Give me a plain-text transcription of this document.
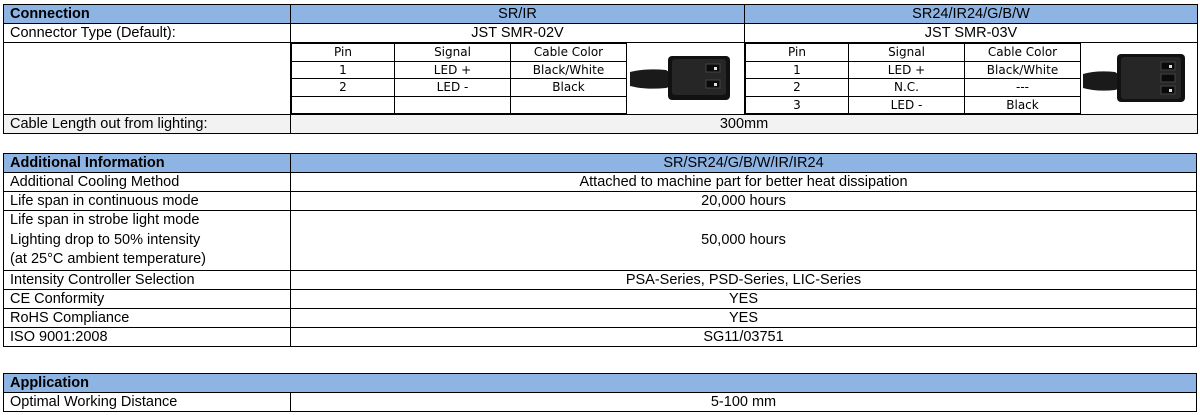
Connection	SR/IR	SR24/IR24/G/B/W
Connector Type (Default):	JST SMR-02V	JST SMR-03V

Pin	Signal	Cable Color	
1	LED +	Black/White
2	LED -	Black

Pin	Signal	Cable Color	
1	LED +	Black/White
2	N.C.	---
3	LED -	Black

Cable Length out from lighting:	300mm
Additional Information	SR/SR24/G/B/W/IR/IR24
Additional Cooling Method	Attached to machine part for better heat dissipation
Life span in continuous mode	20,000 hours

Life span in strobe light mode
Lighting drop to 50% intensity
(at 25°C ambient temperature)	50,000 hours
Intensity Controller Selection	PSA-Series, PSD-Series, LIC-Series
CE Conformity	YES
RoHS Compliance	YES
ISO 9001:2008	SG11/03751
Application
Optimal Working Distance	5-100 mm
